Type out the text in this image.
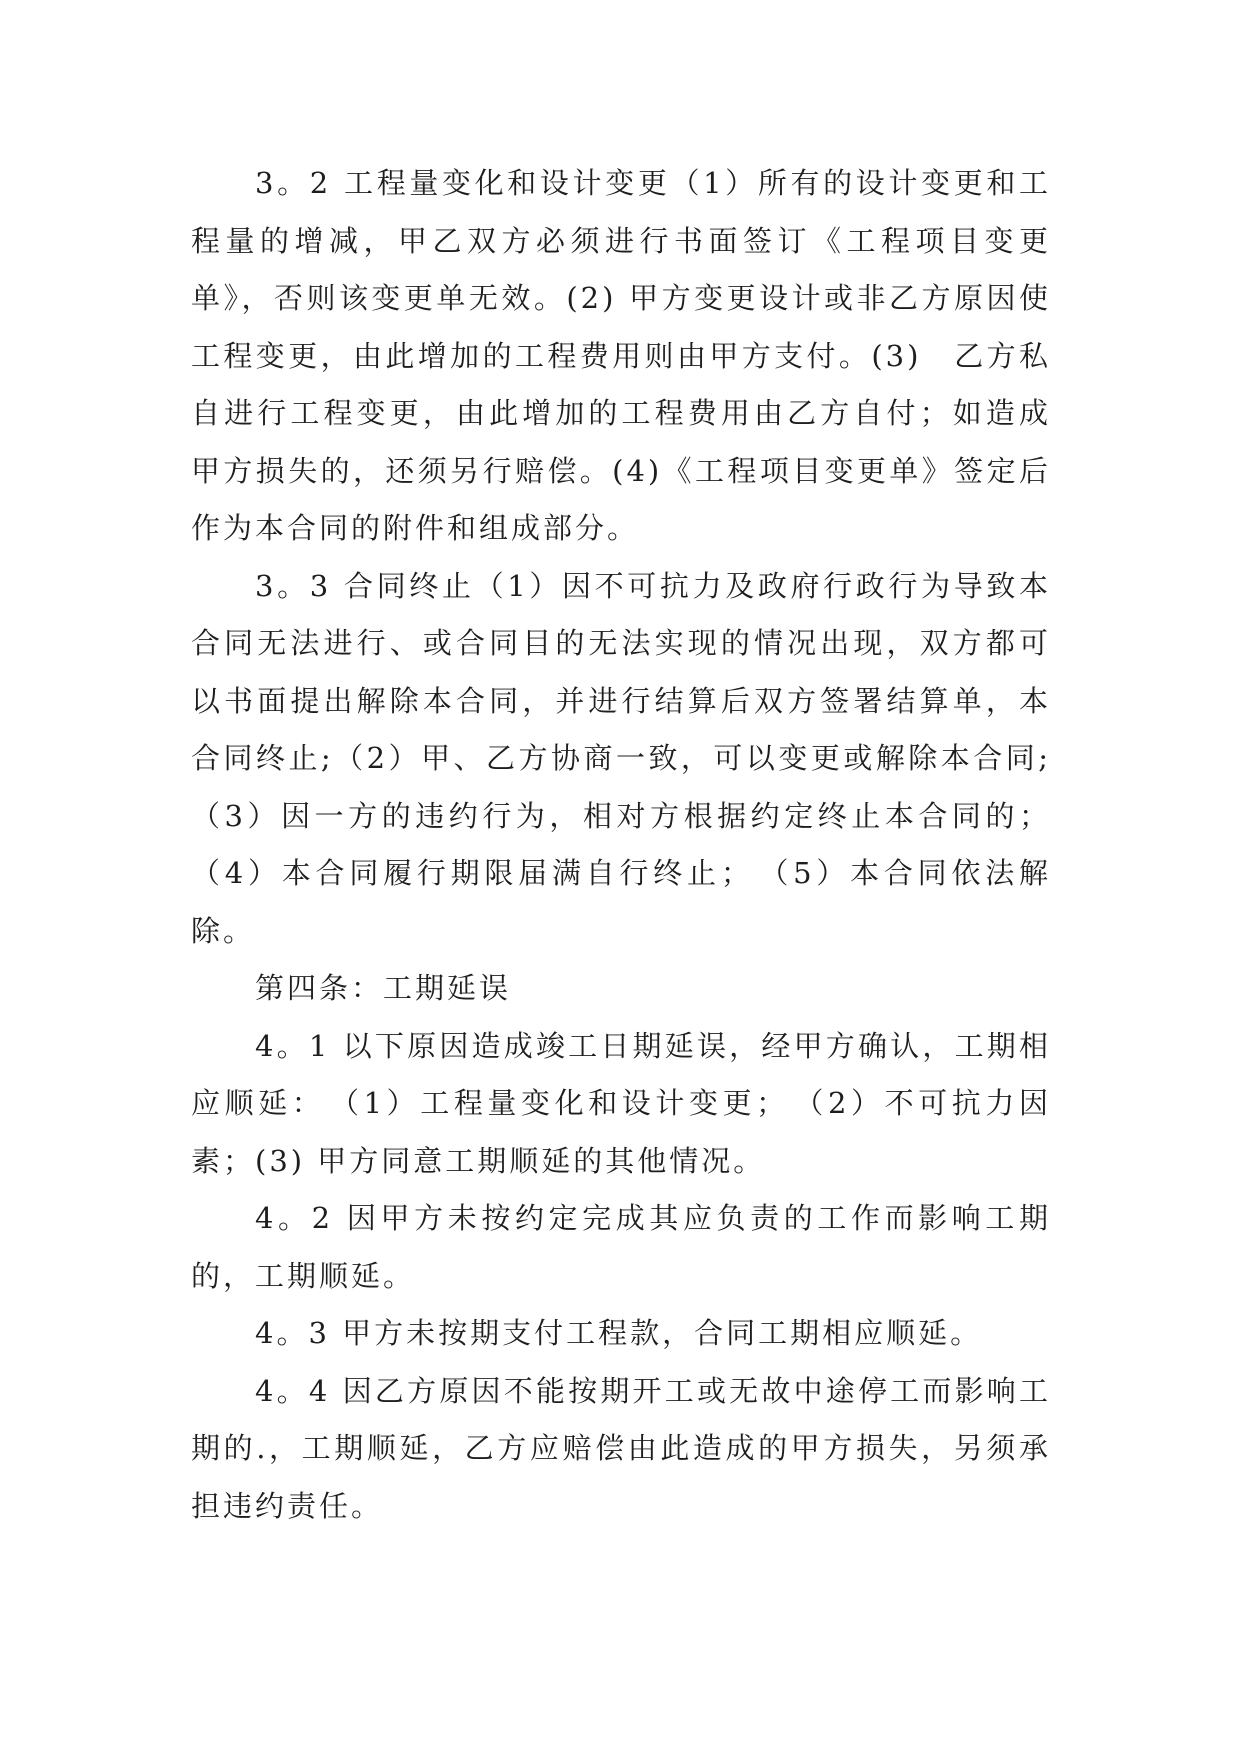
3。2 工程量变化和设计变更（1）所有的设计变更和工程量的增减，甲乙双方必须进行书面签订《工程项目变更单》，否则该变更单无效。(2) 甲方变更设计或非乙方原因使工程变更，由此增加的工程费用则由甲方支付。(3)　乙方私自进行工程变更，由此增加的工程费用由乙方自付；如造成甲方损失的，还须另行赔偿。(4)《工程项目变更单》签定后作为本合同的附件和组成部分。

3。3 合同终止（1）因不可抗力及政府行政行为导致本合同无法进行、或合同目的无法实现的情况出现，双方都可以书面提出解除本合同，并进行结算后双方签署结算单，本合同终止;（2）甲、乙方协商一致，可以变更或解除本合同;（3）因一方的违约行为，相对方根据约定终止本合同的；（4）本合同履行期限届满自行终止；　（5）本合同依法解除。

第四条：工期延误

4。1 以下原因造成竣工日期延误，经甲方确认，工期相应顺延：　（1）工程量变化和设计变更；　（2）不可抗力因素；(3) 甲方同意工期顺延的其他情况。

4。2 因甲方未按约定完成其应负责的工作而影响工期的，工期顺延。

4。3 甲方未按期支付工程款，合同工期相应顺延。

4。4 因乙方原因不能按期开工或无故中途停工而影响工期的.，工期顺延，乙方应赔偿由此造成的甲方损失，另须承担违约责任。
